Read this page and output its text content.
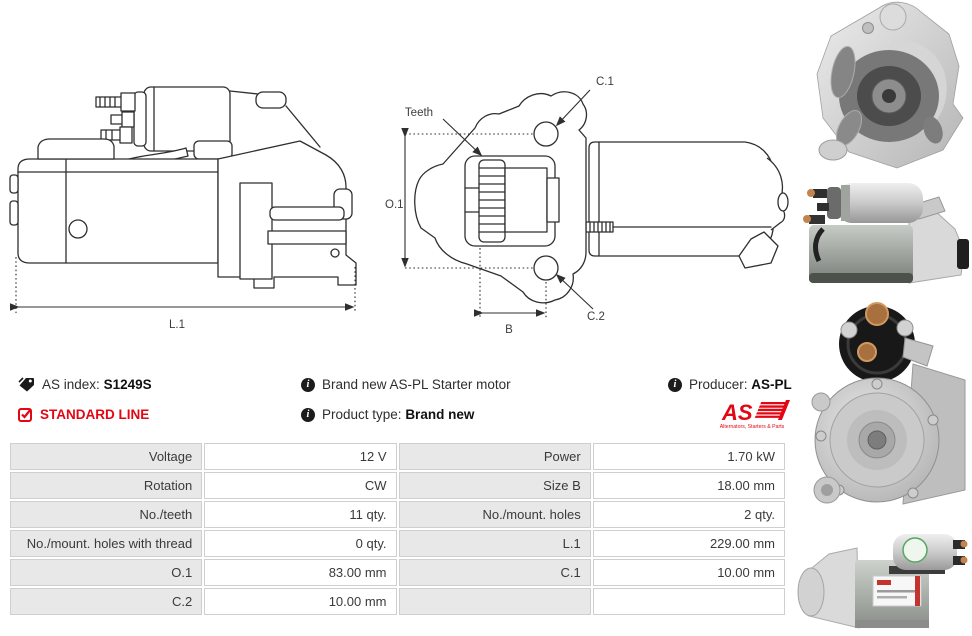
L.1
O.1
B
Teeth
C.1
C.2
AS index: S1249S
STANDARD LINE
i Brand new AS-PL Starter motor
i Product type: Brand new
i Producer: AS-PL
AS
Alternators, Starters & Parts
Voltage	12 V	Power	1.70 kW
Rotation	CW	Size B	18.00 mm
No./teeth	11 qty.	No./mount. holes	2 qty.
No./mount. holes with thread	0 qty.	L.1	229.00 mm
O.1	83.00 mm	C.1	10.00 mm
C.2	10.00 mm		
